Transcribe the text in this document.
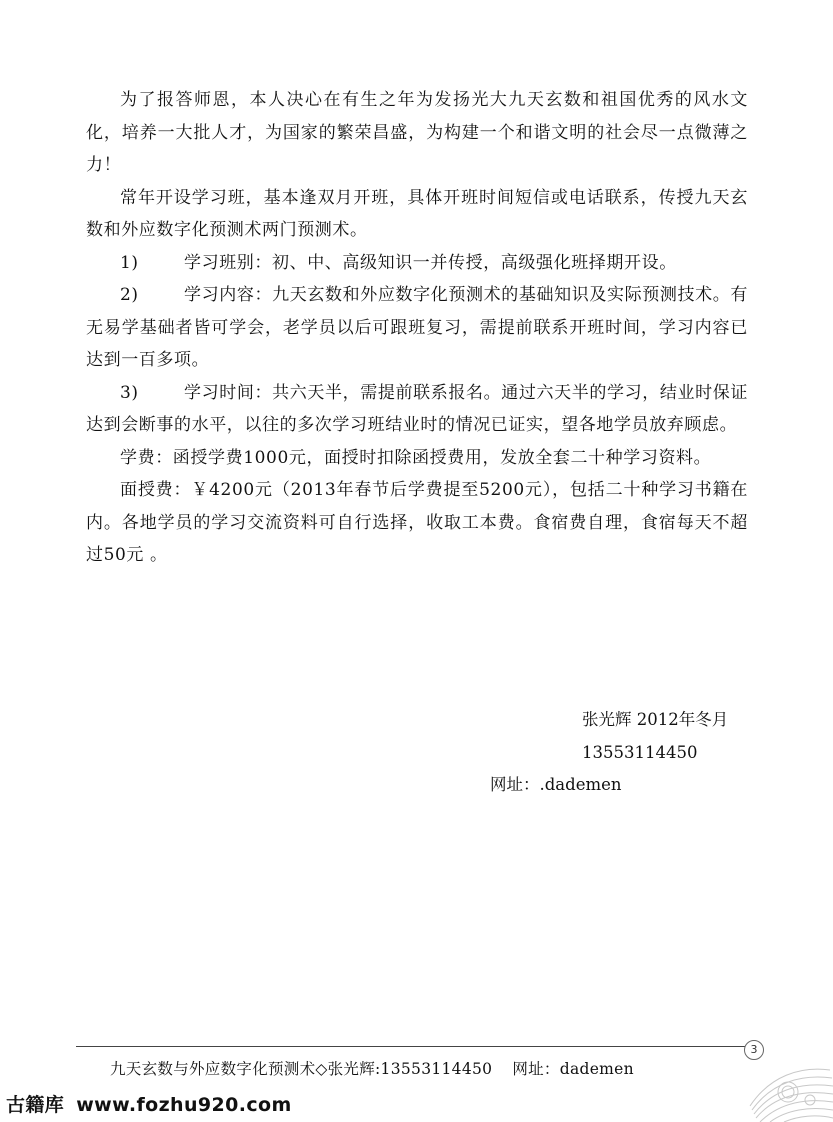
为了报答师恩，本人决心在有生之年为发扬光大九天玄数和祖国优秀的风水文化，培养一大批人才，为国家的繁荣昌盛，为构建一个和谐文明的社会尽一点微薄之力！

常年开设学习班，基本逢双月开班，具体开班时间短信或电话联系，传授九天玄数和外应数字化预测术两门预测术。

1)	学习班别：初、中、高级知识一并传授，高级强化班择期开设。

2)	学习内容：九天玄数和外应数字化预测术的基础知识及实际预测技术。有无易学基础者皆可学会，老学员以后可跟班复习，需提前联系开班时间，学习内容已达到一百多项。

3)	学习时间：共六天半，需提前联系报名。通过六天半的学习，结业时保证达到会断事的水平，以往的多次学习班结业时的情况已证实，望各地学员放弃顾虑。

学费：函授学费1000元，面授时扣除函授费用，发放全套二十种学习资料。

面授费：￥4200元（2013年春节后学费提至5200元），包括二十种学习书籍在内。各地学员的学习交流资料可自行选择，收取工本费。食宿费自理，食宿每天不超过50元 。

张光辉 2012年冬月
13553114450
网址：.dademen
九天玄数与外应数字化预测术◇张光辉:13553114450 网址：dademen
3
古籍库 www.fozhu920.com
